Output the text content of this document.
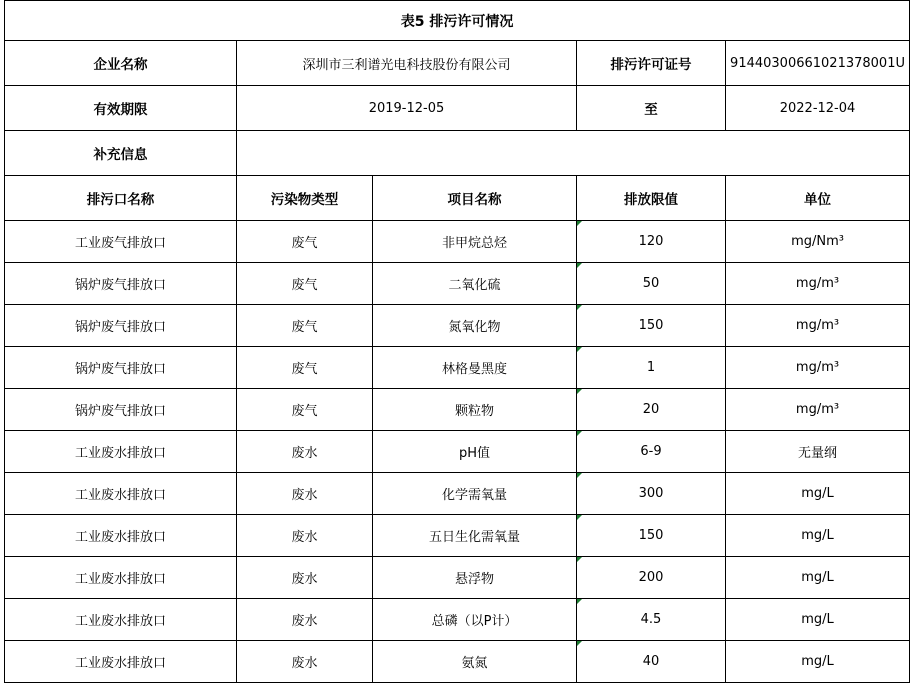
表5 排污许可情况				
企业名称	深圳市三利谱光电科技股份有限公司		排污许可证号	91440300661021378001U
有效期限	2019-12-05		至	2022-12-04
补充信息				
排污口名称	污染物类型	项目名称	排放限值	单位
工业废气排放口	废气	非甲烷总烃	120	mg/Nm³
锅炉废气排放口	废气	二氧化硫	50	mg/m³
锅炉废气排放口	废气	氮氧化物	150	mg/m³
锅炉废气排放口	废气	林格曼黑度	1	mg/m³
锅炉废气排放口	废气	颗粒物	20	mg/m³
工业废水排放口	废水	pH值	6-9	无量纲
工业废水排放口	废水	化学需氧量	300	mg/L
工业废水排放口	废水	五日生化需氧量	150	mg/L
工业废水排放口	废水	悬浮物	200	mg/L
工业废水排放口	废水	总磷（以P计）	4.5	mg/L
工业废水排放口	废水	氨氮	40	mg/L
